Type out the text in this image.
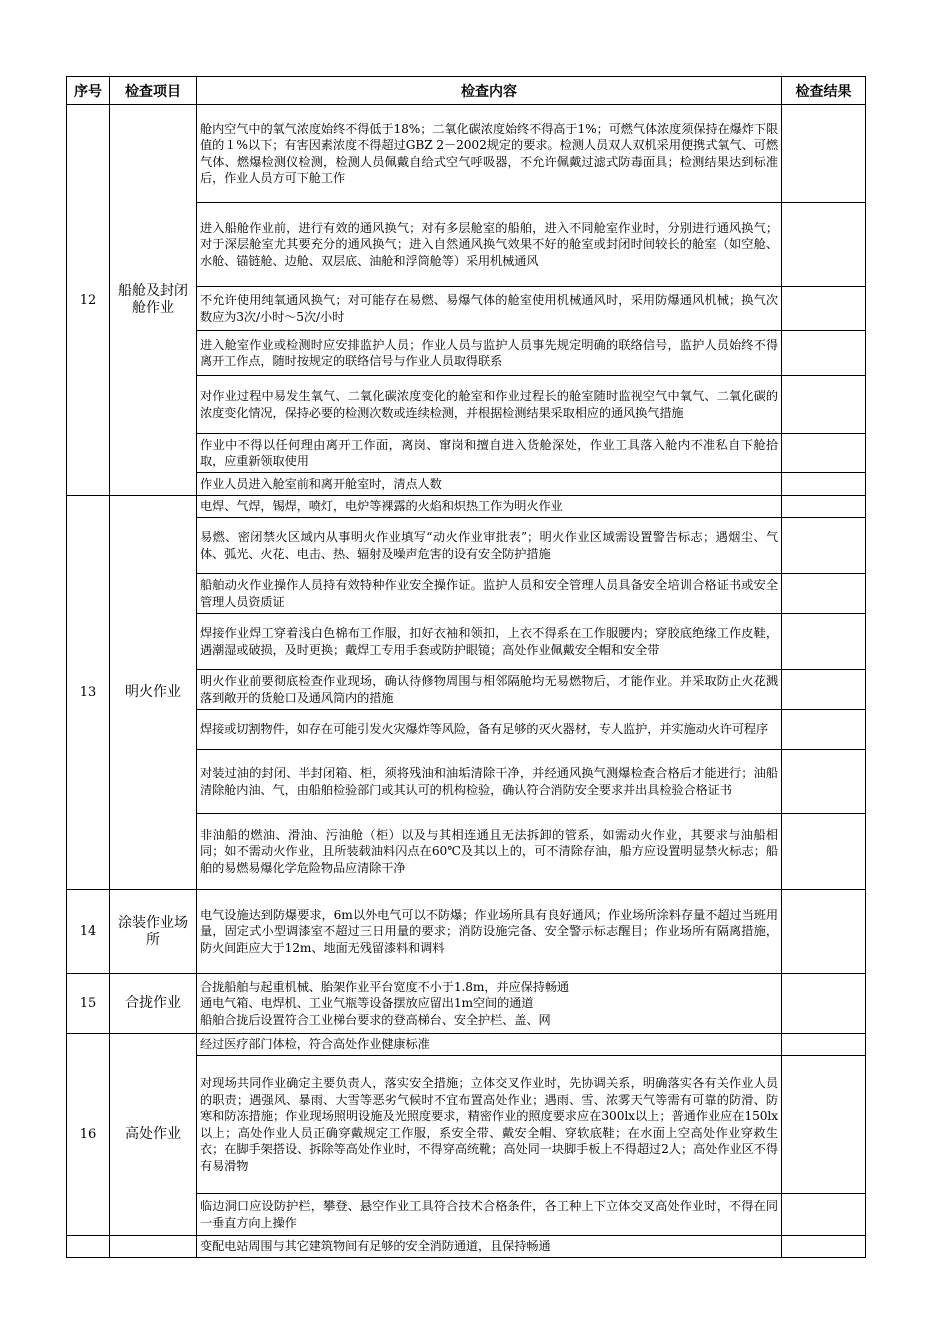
序号	检查项目	检查内容	检查结果
12	船舱及封闭舱作业	舱内空气中的氧气浓度始终不得低于18%；二氧化碳浓度始终不得高于1%；可燃气体浓度须保持在爆炸下限值的１%以下；有害因素浓度不得超过GBZ 2－2002规定的要求。检测人员双人双机采用便携式氧气、可燃气体、燃爆检测仪检测，检测人员佩戴自给式空气呼吸器，不允许佩戴过滤式防毒面具；检测结果达到标准后，作业人员方可下舱工作	
		进入船舱作业前，进行有效的通风换气；对有多层舱室的船舶，进入不同舱室作业时，分别进行通风换气；对于深层舱室尤其要充分的通风换气；进入自然通风换气效果不好的舱室或封闭时间较长的舱室（如空舱、水舱、锚链舱、边舱、双层底、油舱和浮筒舱等）采用机械通风	
		不允许使用纯氧通风换气；对可能存在易燃、易爆气体的舱室使用机械通风时，采用防爆通风机械；换气次数应为3次/小时～5次/小时	
		进入舱室作业或检测时应安排监护人员；作业人员与监护人员事先规定明确的联络信号，监护人员始终不得离开工作点，随时按规定的联络信号与作业人员取得联系	
		对作业过程中易发生氧气、二氧化碳浓度变化的舱室和作业过程长的舱室随时监视空气中氧气、二氧化碳的浓度变化情况，保持必要的检测次数或连续检测，并根据检测结果采取相应的通风换气措施	
		作业中不得以任何理由离开工作面，离岗、窜岗和擅自进入货舱深处，作业工具落入舱内不准私自下舱拾取，应重新领取使用	
		作业人员进入舱室前和离开舱室时，清点人数	
13	明火作业	电焊、气焊，锡焊，喷灯，电炉等裸露的火焰和炽热工作为明火作业	
		易燃、密闭禁火区域内从事明火作业填写“动火作业审批表”；明火作业区域需设置警告标志；遇烟尘、气体、弧光、火花、电击、热、辐射及噪声危害的设有安全防护措施	
		船舶动火作业操作人员持有效特种作业安全操作证。监护人员和安全管理人员具备安全培训合格证书或安全管理人员资质证	
		焊接作业焊工穿着浅白色棉布工作服，扣好衣袖和领扣，上衣不得系在工作服腰内；穿胶底绝缘工作皮鞋，遇潮湿或破损，及时更换；戴焊工专用手套或防护眼镜；高处作业佩戴安全帽和安全带	
		明火作业前要彻底检查作业现场，确认待修物周围与相邻隔舱均无易燃物后，才能作业。并采取防止火花溅落到敞开的货舱口及通风筒内的措施	
		焊接或切割物件，如存在可能引发火灾爆炸等风险，备有足够的灭火器材，专人监护，并实施动火许可程序	
		对装过油的封闭、半封闭箱、柜，须将残油和油垢清除干净，并经通风换气测爆检查合格后才能进行；油船清除舱内油、气，由船舶检验部门或其认可的机构检验，确认符合消防安全要求并出具检验合格证书	
		非油船的燃油、滑油、污油舱（柜）以及与其相连通且无法拆卸的管系，如需动火作业，其要求与油船相同；如不需动火作业，且所装载油料闪点在60℃及其以上的，可不清除存油，船方应设置明显禁火标志；船舶的易燃易爆化学危险物品应清除干净	
14	涂装作业场所	电气设施达到防爆要求，6m以外电气可以不防爆；作业场所具有良好通风；作业场所涂料存量不超过当班用量，固定式小型调漆室不超过三日用量的要求；消防设施完备、安全警示标志醒目；作业场所有隔离措施，防火间距应大于12m、地面无残留漆料和调料	
15	合拢作业	合拢船舶与起重机械、胎架作业平台宽度不小于1.8m，并应保持畅通
通电气箱、电焊机、工业气瓶等设备摆放应留出1m空间的通道
船舶合拢后设置符合工业梯台要求的登高梯台、安全护栏、盖、网	

16	高处作业	经过医疗部门体检，符合高处作业健康标准	
		对现场共同作业确定主要负责人，落实安全措施；立体交叉作业时，先协调关系，明确落实各有关作业人员的职责；遇强风、暴雨、大雪等恶劣气候时不宜布置高处作业；遇雨、雪、浓雾天气等需有可靠的防滑、防寒和防冻措施；作业现场照明设施及光照度要求，精密作业的照度要求应在300lx以上；普通作业应在150lx以上；高处作业人员正确穿戴规定工作服，系安全带、戴安全帽、穿软底鞋；在水面上空高处作业穿救生衣；在脚手架搭设、拆除等高处作业时，不得穿高统靴；高处同一块脚手板上不得超过2人；高处作业区不得有易滑物	
		临边洞口应设防护栏，攀登、悬空作业工具符合技术合格条件，各工种上下立体交叉高处作业时，不得在同一垂直方向上操作	
		变配电站周围与其它建筑物间有足够的安全消防通道，且保持畅通	
